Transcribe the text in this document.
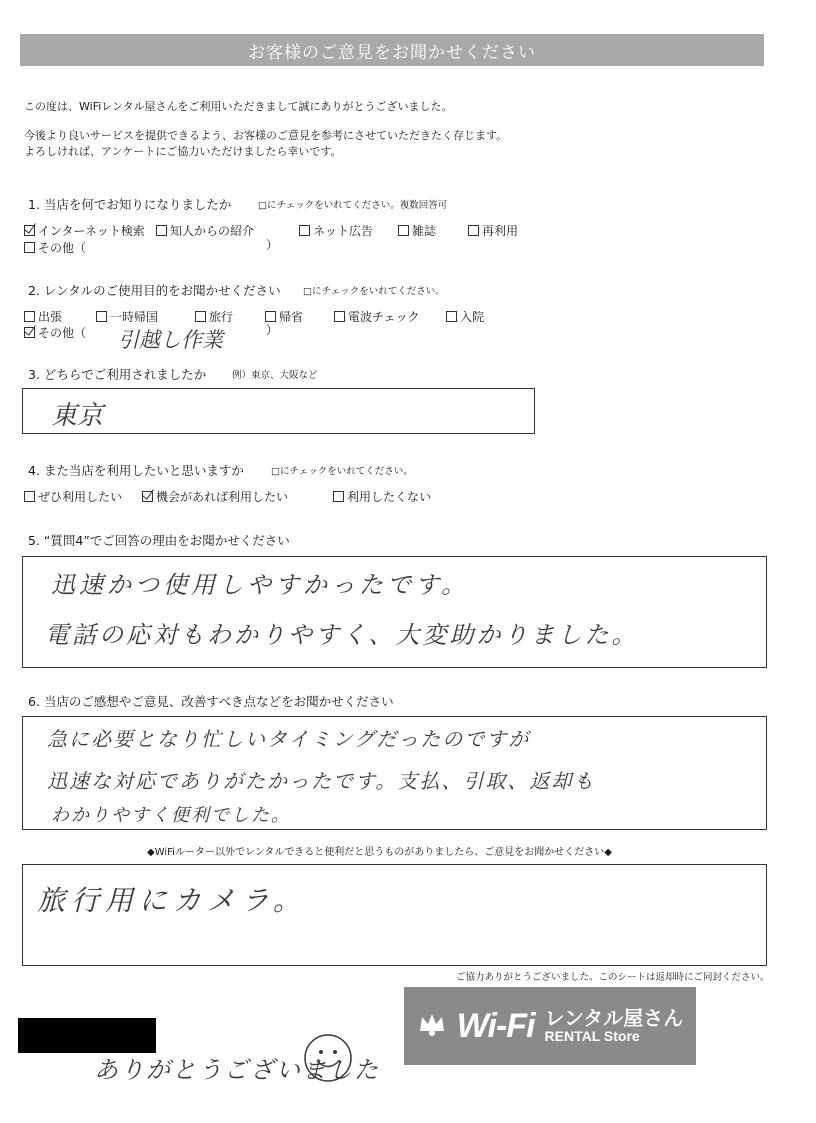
お客様のご意見をお聞かせください
この度は、WiFiレンタル屋さんをご利用いただきまして誠にありがとうございました。
今後より良いサービスを提供できるよう、お客様のご意見を参考にさせていただきたく存じます。
よろしければ、アンケートにご協力いただけましたら幸いです。
1. 当店を何でお知りになりましたか	□にチェックをいれてください。複数回答可
インターネット検索 知人からの紹介	ネット広告	雑誌	再利用
その他（	）
2. レンタルのご使用目的をお聞かせください □にチェックをいれてください。
出張	一時帰国	旅行	帰省	電波チェック	入院
その他（ 引越し作業	）
3. どちらでご利用されましたか	例）東京、大阪など
東京
4. また当店を利用したいと思いますか	□にチェックをいれてください。
ぜひ利用したい	機会があれば利用したい	利用したくない
5. “質問4”でご回答の理由をお聞かせください
迅速かつ使用しやすかったです。
電話の応対もわかりやすく、大変助かりました。
6. 当店のご感想やご意見、改善すべき点などをお聞かせください
急に必要となり忙しいタイミングだったのですが
迅速な対応でありがたかったです。支払、引取、返却も
わかりやすく便利でした。
◆WiFiルーター以外でレンタルできると便利だと思うものがありましたら、ご意見をお聞かせください◆
旅行用にカメラ。
ご協力ありがとうございました。このシートは返却時にご同封ください。
ありがとうございました
Wi-Fi レンタル屋さん
RENTAL Store
